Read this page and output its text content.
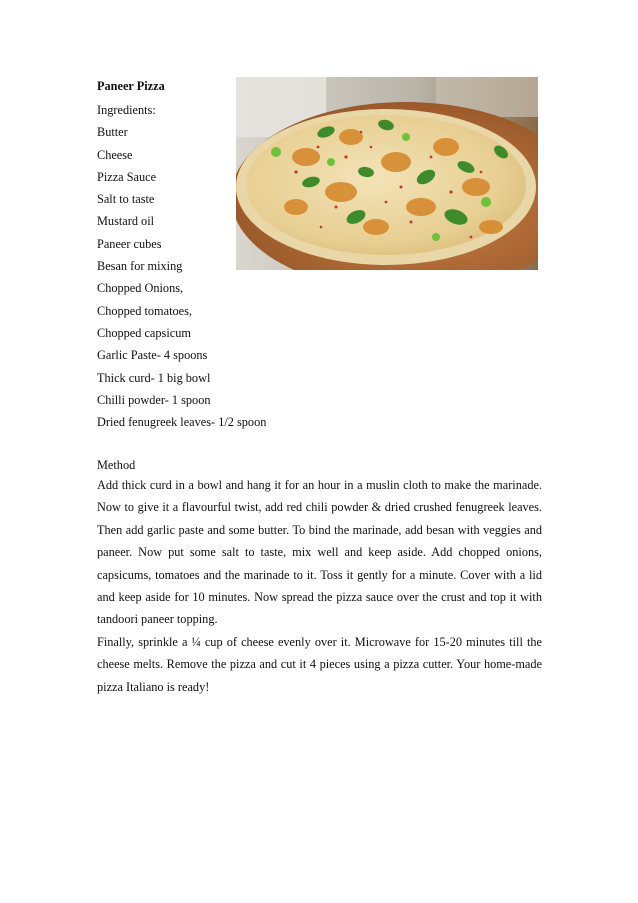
Paneer Pizza

Ingredients:

Butter

Cheese

Pizza Sauce

Salt to taste

Mustard oil

Paneer cubes

Besan for mixing

Chopped Onions,

Chopped tomatoes,

Chopped capsicum

Garlic Paste- 4 spoons

Thick curd- 1 big bowl

Chilli powder- 1 spoon

Dried fenugreek leaves- 1/2 spoon

Method

Add thick curd in a bowl and hang it for an hour in a muslin cloth to make the marinade. Now to give it a flavourful twist, add red chili powder & dried crushed fenugreek leaves. Then add garlic paste and some butter. To bind the marinade, add besan with veggies and paneer. Now put some salt to taste, mix well and keep aside. Add chopped onions, capsicums, tomatoes and the marinade to it. Toss it gently for a minute. Cover with a lid and keep aside for 10 minutes. Now spread the pizza sauce over the crust and top it with tandoori paneer topping.

Finally, sprinkle a ¼ cup of cheese evenly over it. Microwave for 15-20 minutes till the cheese melts. Remove the pizza and cut it 4 pieces using a pizza cutter. Your home-made pizza Italiano is ready!
